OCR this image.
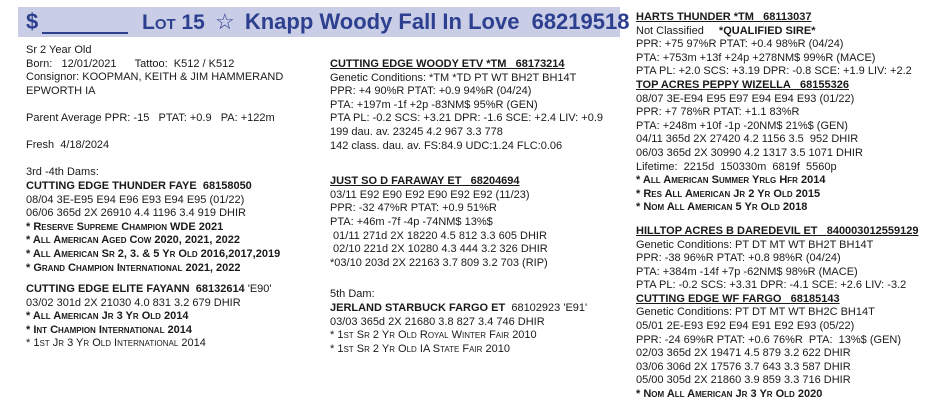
$	Lot 15 ☆ Knapp Woody Fall In Love 68219518
Sr 2 Year Old
Born:   12/01/2021      Tattoo:  K512 / K512
Consignor: KOOPMAN, KEITH & JIM HAMMERAND
EPWORTH IA
Parent Average PPR: -15   PTAT: +0.9   PA: +122m
Fresh  4/18/2024
3rd -4th Dams:
CUTTING EDGE THUNDER FAYE 68158050
08/04 3E-E95 E94 E96 E93 E94 E95 (01/22)
06/06 365d 2X 26910 4.4 1196 3.4 919 DHIR
* Reserve Supreme Champion WDE 2021
* All American Aged Cow 2020, 2021, 2022
* All American Sr 2, 3. & 5 Yr Old 2016,2017,2019
* Grand Champion International 2021, 2022
CUTTING EDGE ELITE FAYANN 68132614 'E90'
03/02 301d 2X 21030 4.0 831 3.2 679 DHIR
* All American Jr 3 Yr Old 2014
* Int Champion International 2014
* 1st Jr 3 Yr Old International 2014
CUTTING EDGE WOODY ETV *TM 68173214
Genetic Conditions: *TM *TD PT WT BH2T BH14T
PPR: +4 90%R PTAT: +0.9 94%R (04/24)
PTA: +197m -1f +2p -83NM$ 95%R (GEN)
PTA PL: -0.2 SCS: +3.21 DPR: -1.6 SCE: +2.4 LIV: +0.9
199 dau. av. 23245 4.2 967 3.3 778
142 class. dau. av. FS:84.9 UDC:1.24 FLC:0.06
JUST SO D FARAWAY ET 68204694
03/11 E92 E90 E92 E90 E92 E92 (11/23)
PPR: -32 47%R PTAT: +0.9 51%R
PTA: +46m -7f -4p -74NM$ 13%$
01/11 271d 2X 18220 4.5 812 3.3 605 DHIR
02/10 221d 2X 10280 4.3 444 3.2 326 DHIR
*03/10 203d 2X 22163 3.7 809 3.2 703 (RIP)
5th Dam:
JERLAND STARBUCK FARGO ET 68102923 'E91'
03/03 365d 2X 21680 3.8 827 3.4 746 DHIR
* 1st Sr 2 Yr Old Royal Winter Fair 2010
* 1st Sr 2 Yr Old IA State Fair 2010
HARTS THUNDER *TM 68113037
Not Classified *QUALIFIED SIRE*
PPR: +75 97%R PTAT: +0.4 98%R (04/24)
PTA: +753m +13f +24p +278NM$ 99%R (MACE)
PTA PL: +2.0 SCS: +3.19 DPR: -0.8 SCE: +1.9 LIV: +2.2
TOP ACRES PEPPY WIZELLA 68155326
08/07 3E-E94 E95 E97 E94 E94 E93 (01/22)
PPR: +7 78%R PTAT: +1.1 83%R
PTA: +248m +10f -1p -20NM$ 21%$ (GEN)
04/11 365d 2X 27420 4.2 1156 3.5  952 DHIR
06/03 365d 2X 30990 4.2 1317 3.5 1071 DHIR
Lifetime:  2215d  150330m  6819f  5560p
* All American Summer Yrlg Hfr 2014
* Res All American Jr 2 Yr Old 2015
* Nom All American 5 Yr Old 2018
HILLTOP ACRES B DAREDEVIL ET 840003012559129
Genetic Conditions: PT DT MT WT BH2T BH14T
PPR: -38 96%R PTAT: +0.8 98%R (04/24)
PTA: +384m -14f +7p -62NM$ 98%R (MACE)
PTA PL: -0.2 SCS: +3.31 DPR: -4.1 SCE: +2.6 LIV: -3.2
CUTTING EDGE WF FARGO 68185143
Genetic Conditions: PT DT MT WT BH2C BH14T
05/01 2E-E93 E92 E94 E91 E92 E93 (05/22)
PPR: -24 69%R PTAT: +0.6 76%R  PTA:  13%$ (GEN)
02/03 365d 2X 19471 4.5 879 3.2 622 DHIR
03/06 306d 2X 17576 3.7 643 3.3 587 DHIR
05/00 305d 2X 21860 3.9 859 3.3 716 DHIR
* Nom All American Jr 3 Yr Old 2020
